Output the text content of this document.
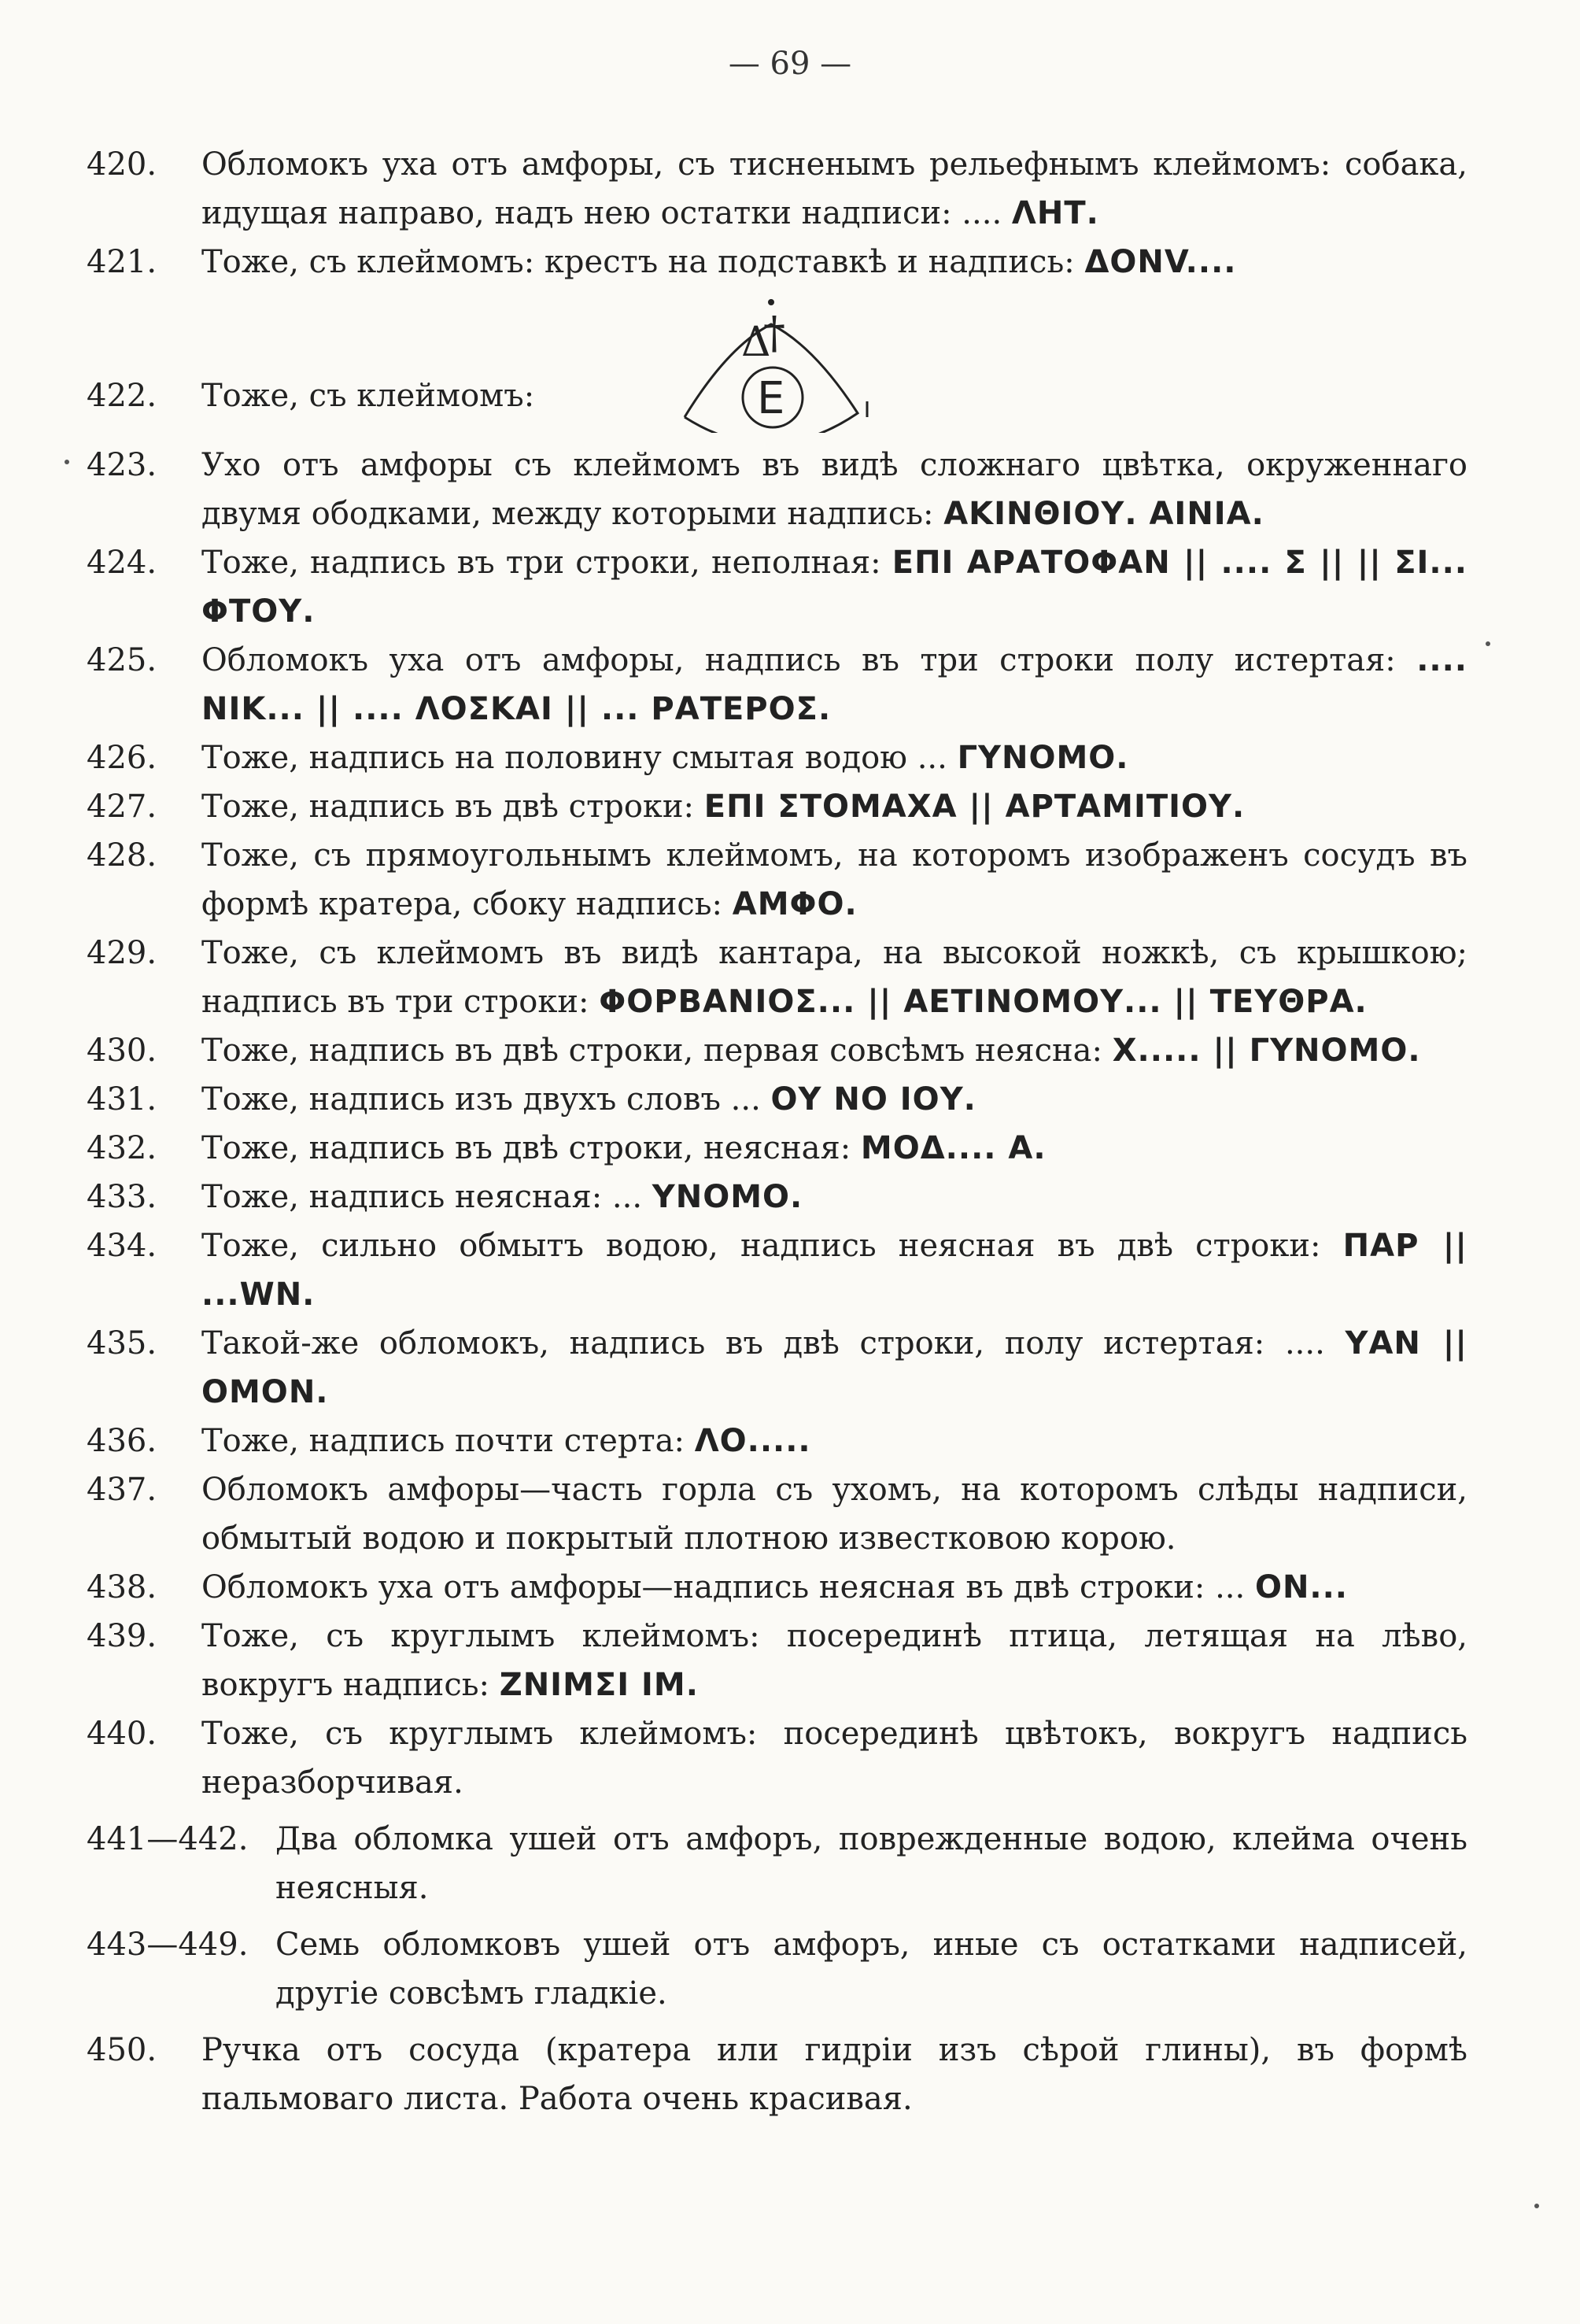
— 69 —
420.	Обломокъ уха отъ амфоры, съ тисненымъ рельефнымъ клеймомъ: собака, идущая направо, надъ нею остатки надписи: .... ΛΗΤ.
421.	Тоже, съ клеймомъ: крестъ на подставкѣ и надпись: ΔΟΝV....
Δ
†
E
422.	Тоже, съ клеймомъ:
423.	Ухо отъ амфоры съ клеймомъ въ видѣ сложнаго цвѣтка, окруженнаго двумя ободками, между которыми надпись: ΑΚΙΝΘΙΟΥ. ΑΙΝΙΑ.
424.	Тоже, надпись въ три строки, неполная: ΕΠΙ ΑΡΑΤΟΦΑΝ || .... Σ || || ΣΙ... ΦΤΟΥ.
425.	Обломокъ уха отъ амфоры, надпись въ три строки полу истертая: .... ΝΙΚ... || .... ΛΟΣΚΑΙ || ... ΡΑΤΕΡΟΣ.
426.	Тоже, надпись на половину смытая водою ... ΓΥΝΟΜΟ.
427.	Тоже, надпись въ двѣ строки: ΕΠΙ ΣΤΟΜΑΧΑ || ΑΡΤΑΜΙΤΙΟΥ.
428.	Тоже, съ прямоугольнымъ клеймомъ, на которомъ изображенъ сосудъ въ формѣ кратера, сбоку надпись: ΑΜΦΟ.
429.	Тоже, съ клеймомъ въ видѣ кантара, на высокой ножкѣ, съ крышкою; надпись въ три строки: ΦΟΡΒΑΝΙΟΣ... || ΑΕΤΙΝΟΜΟΥ... || ΤΕΥΘΡΑ.
430.	Тоже, надпись въ двѣ строки, первая совсѣмъ неясна: Χ..... || ΓΥΝΟΜΟ.
431.	Тоже, надпись изъ двухъ словъ ... ΟΥ ΝΟ ΙΟΥ.
432.	Тоже, надпись въ двѣ строки, неясная: ΜΟΔ.... Α.
433.	Тоже, надпись неясная: ... ΥΝΟΜΟ.
434.	Тоже, сильно обмытъ водою, надпись неясная въ двѣ строки: ΠΑΡ || ...WΝ.
435.	Такой-же обломокъ, надпись въ двѣ строки, полу истертая: .... ΥΑΝ || ΟΜΟΝ.
436.	Тоже, надпись почти стерта: ΛΟ.....
437.	Обломокъ амфоры—часть горла съ ухомъ, на которомъ слѣды надписи, обмытый водою и покрытый плотною известковою корою.
438.	Обломокъ уха отъ амфоры—надпись неясная въ двѣ строки: ... ΟΝ...
439.	Тоже, съ круглымъ клеймомъ: посерединѣ птица, летящая на лѣво, вокругъ надпись: ΖΝΙΜΣΙ ΙΜ.
440.	Тоже, съ круглымъ клеймомъ: посерединѣ цвѣтокъ, вокругъ надпись неразборчивая.
441—442. Два обломка ушей отъ амфоръ, поврежденные водою, клейма очень неясныя.
443—449. Семь обломковъ ушей отъ амфоръ, иные съ остатками надписей, другіе совсѣмъ гладкіе.
450.	Ручка отъ сосуда (кратера или гидріи изъ сѣрой глины), въ формѣ пальмоваго листа. Работа очень красивая.
